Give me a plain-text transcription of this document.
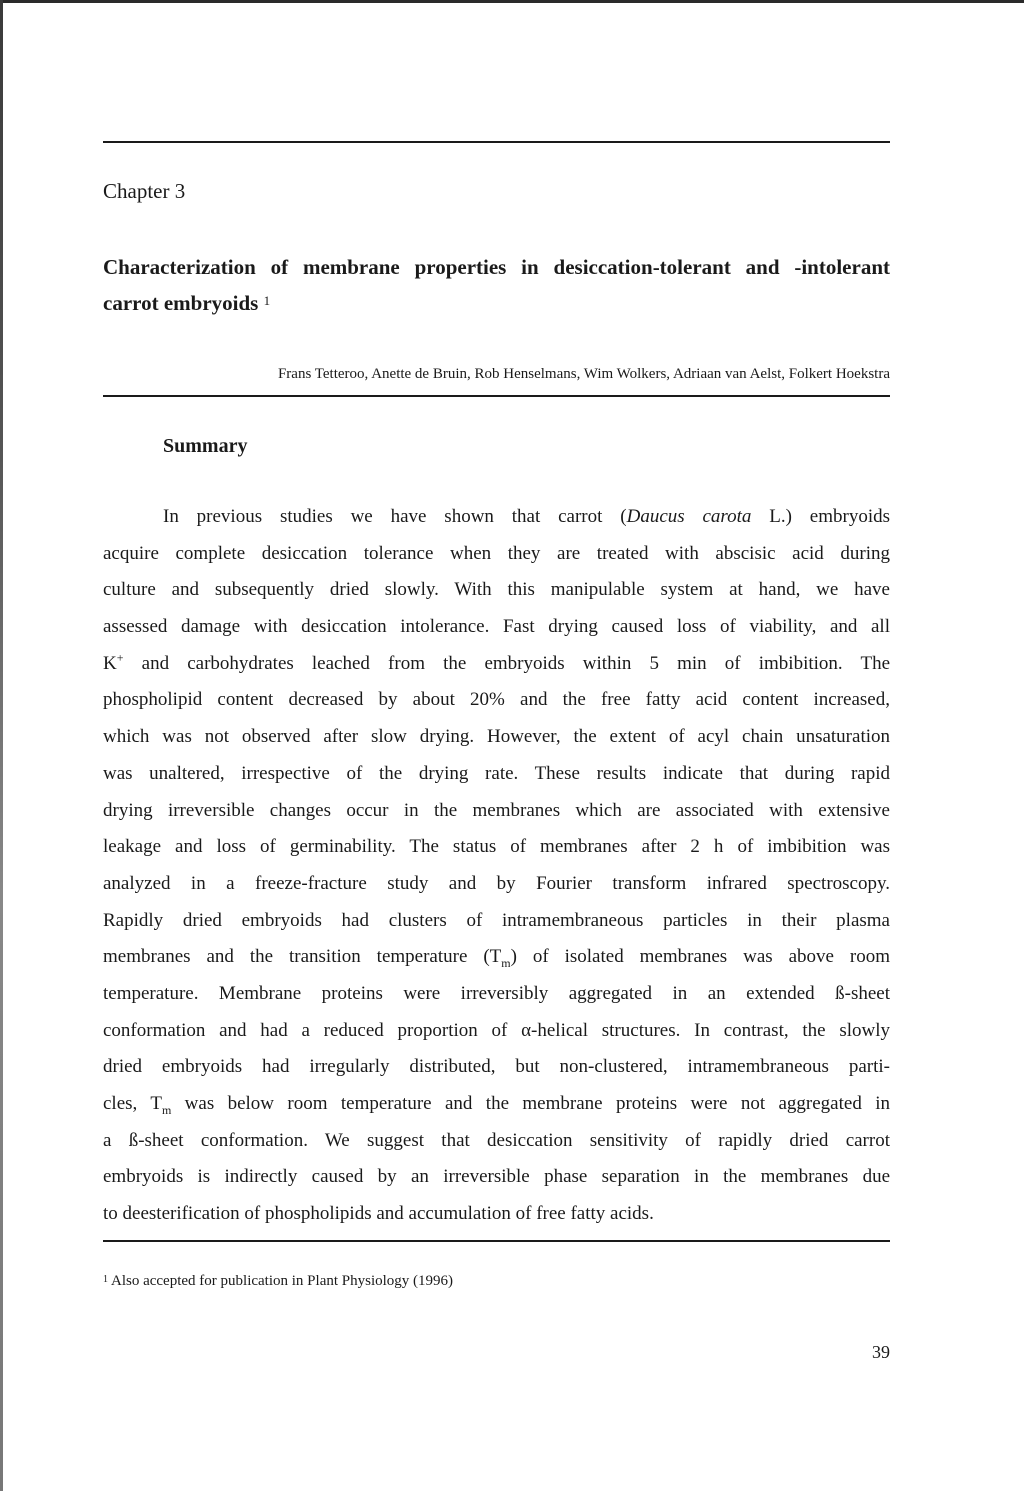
Chapter 3
Characterization of membrane properties in desiccation-tolerant and -intolerant
carrot embryoids $^1$
Frans Tetteroo, Anette de Bruin, Rob Henselmans, Wim Wolkers, Adriaan van Aelst, Folkert Hoekstra
Summary
In previous studies we have shown that carrot (Daucus carota L.) embryoids
acquire complete desiccation tolerance when they are treated with abscisic acid during
culture and subsequently dried slowly. With this manipulable system at hand, we have
assessed damage with desiccation intolerance. Fast drying caused loss of viability, and all
K+ and carbohydrates leached from the embryoids within 5 min of imbibition. The
phospholipid content decreased by about 20% and the free fatty acid content increased,
which was not observed after slow drying. However, the extent of acyl chain unsaturation
was unaltered, irrespective of the drying rate. These results indicate that during rapid
drying irreversible changes occur in the membranes which are associated with extensive
leakage and loss of germinability. The status of membranes after 2 h of imbibition was
analyzed in a freeze-fracture study and by Fourier transform infrared spectroscopy.
Rapidly dried embryoids had clusters of intramembraneous particles in their plasma
membranes and the transition temperature $(T_m)$ of isolated membranes was above room
temperature. Membrane proteins were irreversibly aggregated in an extended ß-sheet
conformation and had a reduced proportion of α-helical structures. In contrast, the slowly
dried embryoids had irregularly distributed, but non-clustered, intramembraneous parti-
cles, $T_m$ was below room temperature and the membrane proteins were not aggregated in
a ß-sheet conformation. We suggest that desiccation sensitivity of rapidly dried carrot
embryoids is indirectly caused by an irreversible phase separation in the membranes due
to deesterification of phospholipids and accumulation of free fatty acids.
$^1$ Also accepted for publication in Plant Physiology (1996)
39
